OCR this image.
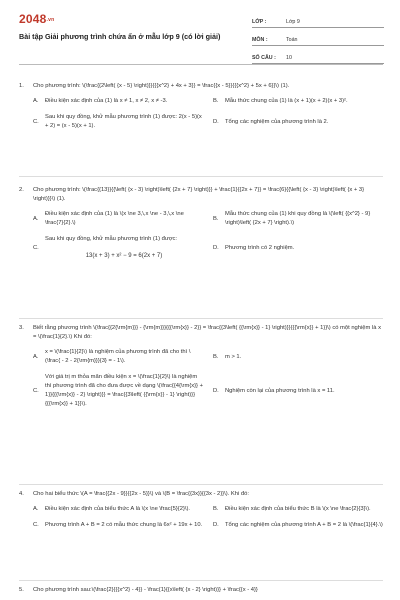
2048.vn
Bài tập Giải phương trình chứa ẩn ở mẫu lớp 9 (có lời giải)
LỚP :	Lớp 9
MÔN :	Toán
SỐ CÂU :	10
1.	Cho phương trình: \(\frac{{2\left( {x - 5} \right)}}{{{x^2} + 4x + 3}} = \frac{{x - 5}}{{{x^2} + 5x + 6}}\) (1).
A.	Điều kiện xác định của (1) là x ≠ 1, x ≠ 2, x ≠ -3.	B.	Mẫu thức chung của (1) là (x + 1)(x + 2)(x + 3)².
C.
Sau khi quy đồng, khử mẫu phương trình (1) được: 2(x - 5)(x + 2) = (x - 5)(x + 1).
D.	Tổng các nghiệm của phương trình là 2.
2.	Cho phương trình: \(\frac{{13}}{{\left( {x - 3} \right)\left( {2x + 7} \right)}} + \frac{1}{{2x + 7}} = \frac{6}{{\left( {x - 3} \right)\left( {x + 3} \right)}}\) (1).
A.
Điều kiện xác định của (1) là \(x \ne 3,\,x \ne - 3,\,x \ne \frac{7}{2}.\)
B.
Mẫu thức chung của (1) khi quy đồng là \(\left( {{x^2} - 9} \right)\left( {2x + 7} \right).\)
C.
Sau khi quy đồng, khử mẫu phương trình (1) được:
13(x + 3) + x² − 9 = 6(2x + 7)
D.	Phương trình có 2 nghiệm.
3.	Biết rằng phương trình \(\frac{{2{\rm{m}}} - {\rm{m}}}{{{\rm{x}} - 2}} = \frac{{3\left( {{\rm{x}} - 1} \right)}}{{{\rm{x}} + 1}}\) có một nghiệm là x = \(\frac{1}{2}.\) Khi đó:
A.
x = \(\frac{1}{2}\) là nghiệm của phương trình đã cho thì \(\frac{ - 2 - 2{\rm{m}}}{3} = - 1\).
B.	m > 1.
C.
Với giá trị m thỏa mãn điều kiện x = \(\frac{1}{2}\) là nghiệm thì phương trình đã cho đưa được về dạng \(\frac{{4{\rm{x}} + 1}}{{{\rm{x}} - 2} \right)}} = \frac{{3\left( {{\rm{x}} - 1} \right)}}{{{\rm{x}} + 1}}\).
D.	Nghiệm còn lại của phương trình là x = 11.
4.	Cho hai biểu thức \(A = \frac{{2x - 9}}{{2x - 5}}\) và \(B = \frac{{3x}}{{3x - 2}}\). Khi đó:
A.	Điều kiện xác định của biểu thức A là \(x \ne \frac{5}{2}\).	B.	Điều kiện xác định của biểu thức B là \(x \ne \frac{2}{3}\).
C.	Phương trình A + B = 2 có mẫu thức chung là 6x² + 19x + 10. D.	Tổng các nghiệm của phương trình A + B = 2 là \(\frac{1}{4}.\)
5.	Cho phương trình sau:\(\frac{2}{{{x^2} - 4}} - \frac{1}{{x\left( {x - 2} \right)}} + \frac{{x - 4}}
